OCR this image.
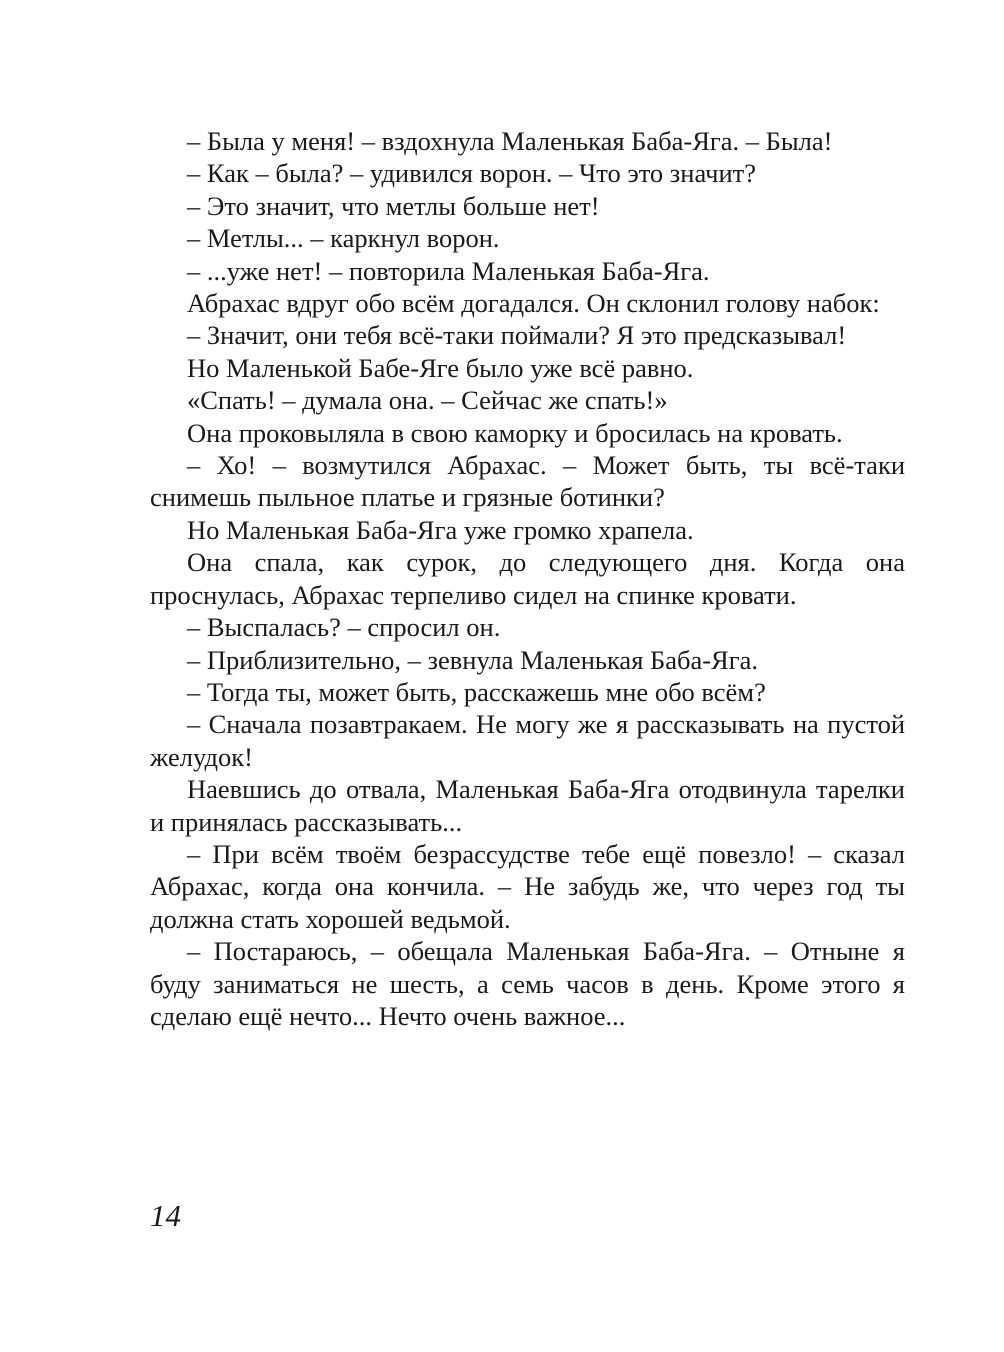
– Была у меня! – вздохнула Маленькая Баба-Яга. – Была!

– Как – была? – удивился ворон. – Что это значит?

– Это значит, что метлы больше нет!

– Метлы... – каркнул ворон.

– ...уже нет! – повторила Маленькая Баба-Яга.

Абрахас вдруг обо всём догадался. Он склонил голову набок:

– Значит, они тебя всё-таки поймали? Я это предсказывал!

Но Маленькой Бабе-Яге было уже всё равно.

«Спать! – думала она. – Сейчас же спать!»

Она проковыляла в свою каморку и бросилась на кровать.

– Хо! – возмутился Абрахас. – Может быть, ты всё-таки снимешь пыльное платье и грязные ботинки?

Но Маленькая Баба-Яга уже громко храпела.

Она спала, как сурок, до следующего дня. Когда она проснулась, Абрахас терпеливо сидел на спинке кровати.

– Выспалась? – спросил он.

– Приблизительно, – зевнула Маленькая Баба-Яга.

– Тогда ты, может быть, расскажешь мне обо всём?

– Сначала позавтракаем. Не могу же я рассказывать на пустой желудок!

Наевшись до отвала, Маленькая Баба-Яга отодвинула тарелки и принялась рассказывать...

– При всём твоём безрассудстве тебе ещё повезло! – сказал Абрахас, когда она кончила. – Не забудь же, что через год ты должна стать хорошей ведьмой.

– Постараюсь, – обещала Маленькая Баба-Яга. – Отныне я буду заниматься не шесть, а семь часов в день. Кроме этого я сделаю ещё нечто... Нечто очень важное...

14
